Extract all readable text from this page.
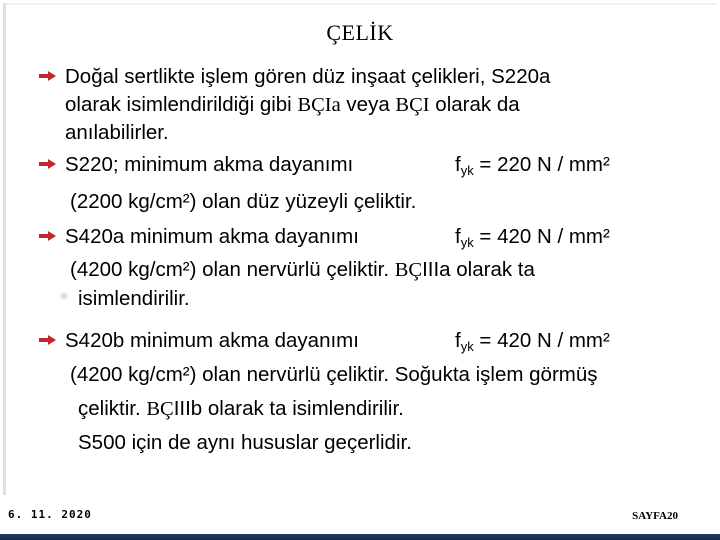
ÇELİK
Doğal sertlikte işlem gören düz inşaat çelikleri, S220a
olarak isimlendirildiği gibi BÇIa veya BÇI olarak da
anılabilirler.
S220; minimum akma dayanımı	$f_{yk} = 220$ N / mm²
(2200 kg/cm²) olan düz yüzeyli çeliktir.
S420a minimum akma dayanımı	$f_{yk} = 420$ N / mm²
(4200 kg/cm²) olan nervürlü çeliktir. BÇIIIa olarak ta
isimlendirilir.
S420b minimum akma dayanımı	$f_{yk} = 420$ N / mm²
(4200 kg/cm²) olan nervürlü çeliktir. Soğukta işlem görmüş
çeliktir. BÇIIIb olarak ta isimlendirilir.
S500 için de aynı hususlar geçerlidir.
6. 11. 2020	SAYFA20
